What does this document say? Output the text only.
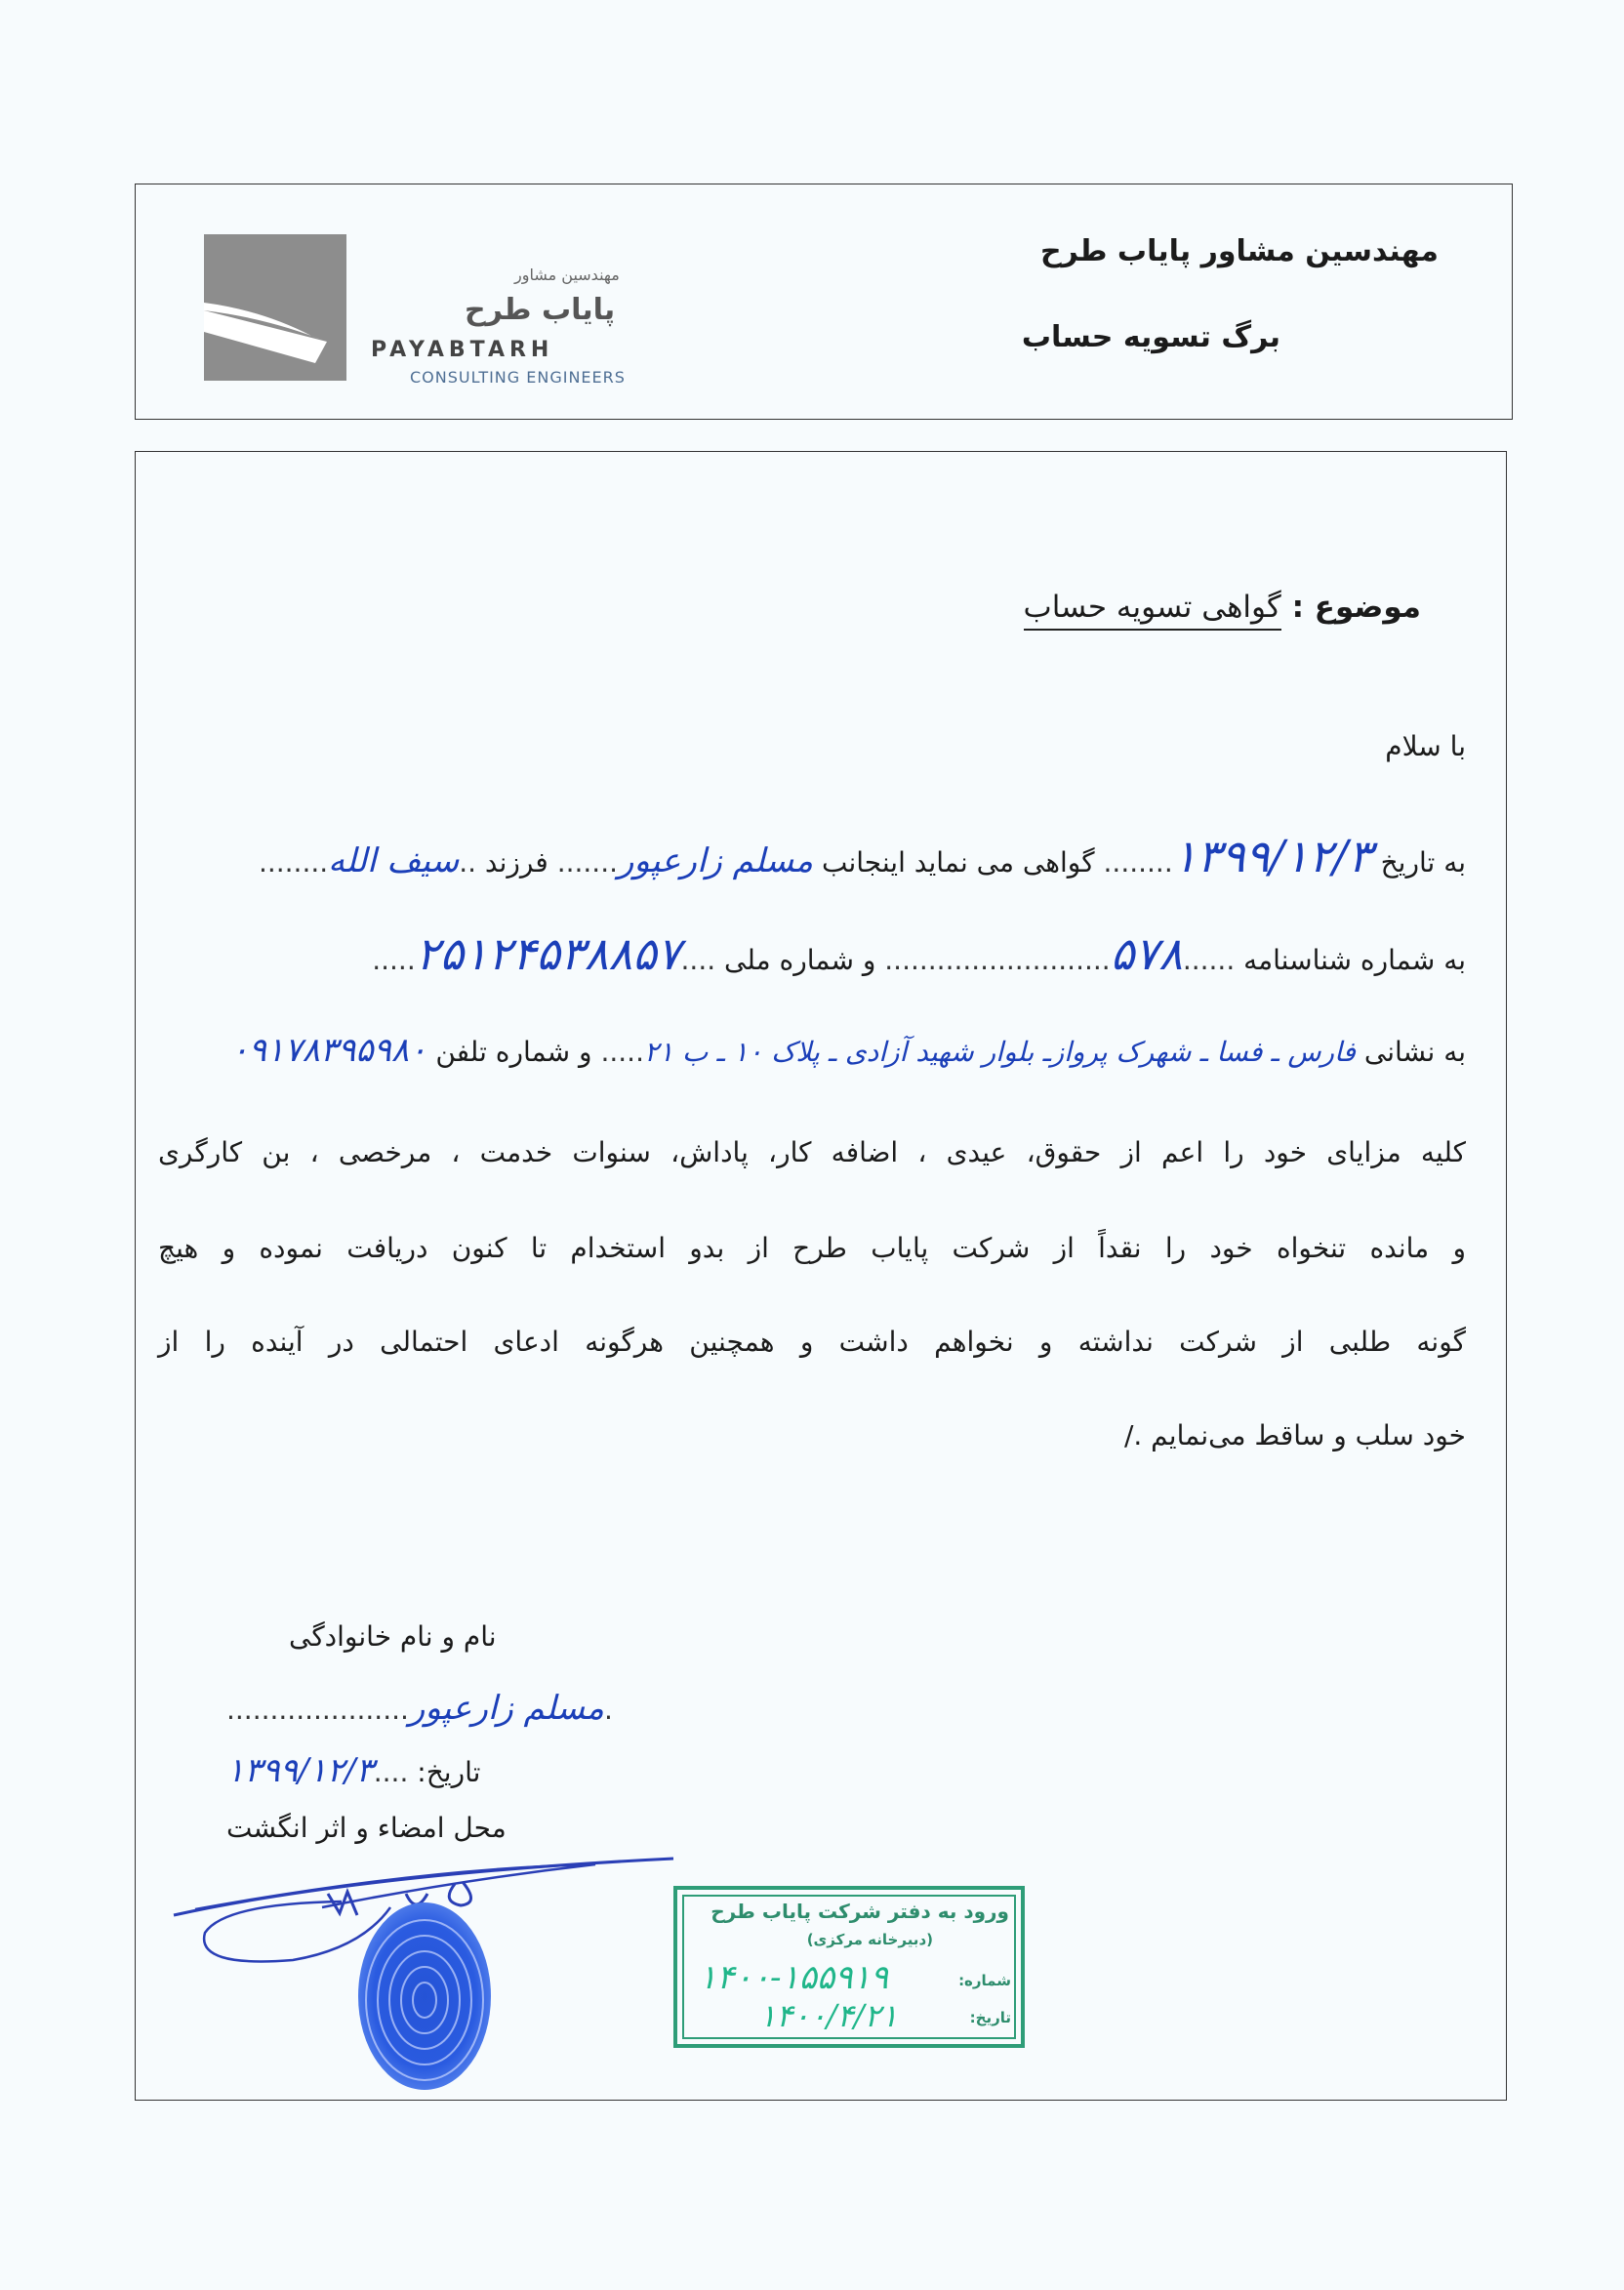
مهندسین مشاور
پایاب طرح
PAYABTARH
CONSULTING ENGINEERS
مهندسین مشاور پایاب طرح
برگ تسویه حساب
موضوع : گواهی تسویه حساب
با سلام
به تاریخ ۱۳۹۹/۱۲/۳........ گواهی می نماید اینجانب مسلم زارعپور....... فرزند ..سیف الله........
به شماره شناسنامه ......۵۷۸.......................... و شماره ملی ....۲۵۱۲۴۵۳۸۸۵۷.....
به نشانی فارس ـ فسا ـ شهرک پروازـ بلوار شهید آزادی ـ پلاک ۱۰ ـ ب ۲۱..... و شماره تلفن ۰۹۱۷۸۳۹۵۹۸۰
کلیه مزایای خود را اعم از حقوق، عیدی ، اضافه کار، پاداش، سنوات خدمت ، مرخصی ، بن کارگری
و مانده تنخواه خود را نقداً از شرکت پایاب طرح از بدو استخدام تا کنون دریافت نموده و هیچ
گونه طلبی از شرکت نداشته و نخواهم داشت و همچنین هرگونه ادعای احتمالی در آینده را از
خود سلب و ساقط می‌نمایم ./
نام و نام خانوادگی
.....................مسلم زارعپور.
۱۳۹۹/۱۲/۳.... تاریخ:
محل امضاء و اثر انگشت
ورود به دفتر شرکت پایاب طرح
(دبیرخانه مرکزی)
شماره:
۱۴۰۰-۱۵۵۹۱۹
تاریخ:
۱۴۰۰/۴/۲۱
